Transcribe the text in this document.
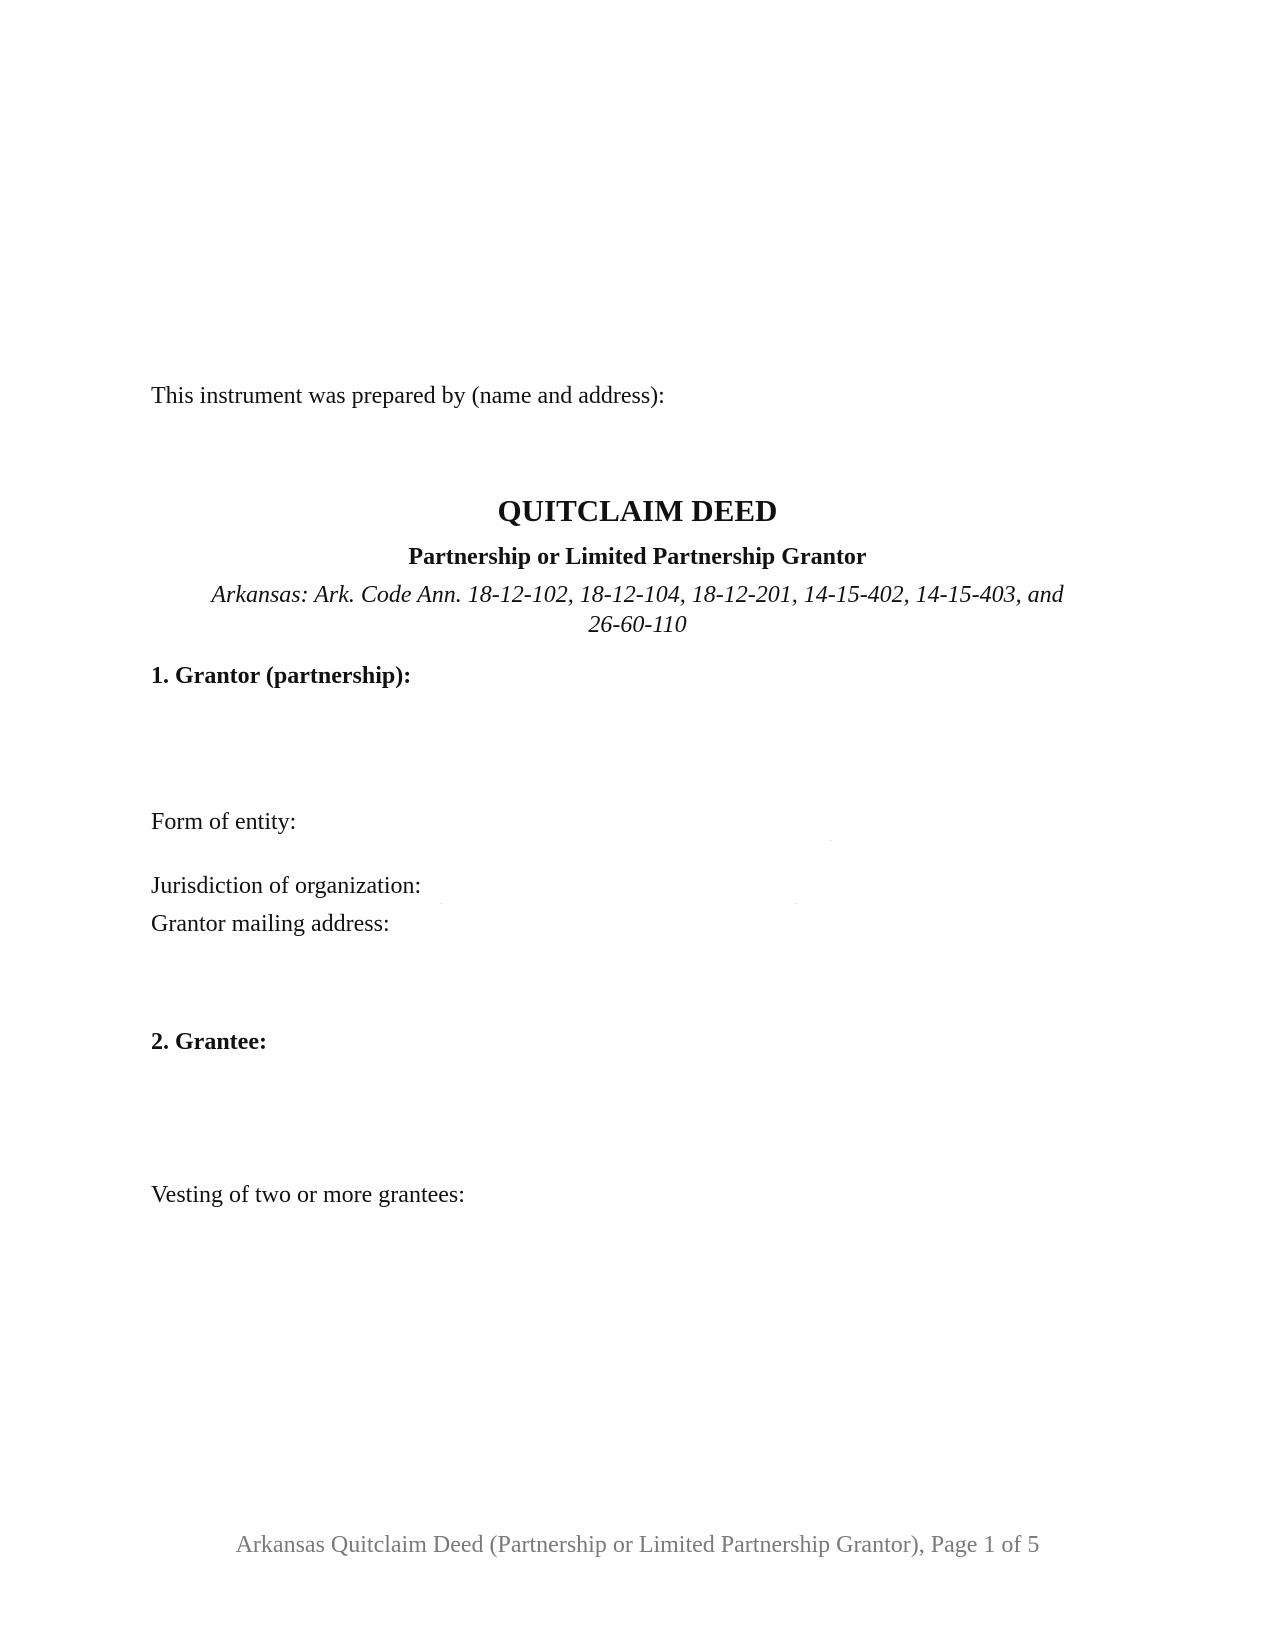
This instrument was prepared by (name and address):

QUITCLAIM DEED
Partnership or Limited Partnership Grantor
Arkansas: Ark. Code Ann. 18-12-102, 18-12-104, 18-12-201, 14-15-402, 14-15-403, and
26-60-110

1. Grantor (partnership):

Form of entity:

Jurisdiction of organization:

Grantor mailing address:

2. Grantee:

Vesting of two or more grantees:

Arkansas Quitclaim Deed (Partnership or Limited Partnership Grantor), Page 1 of 5
